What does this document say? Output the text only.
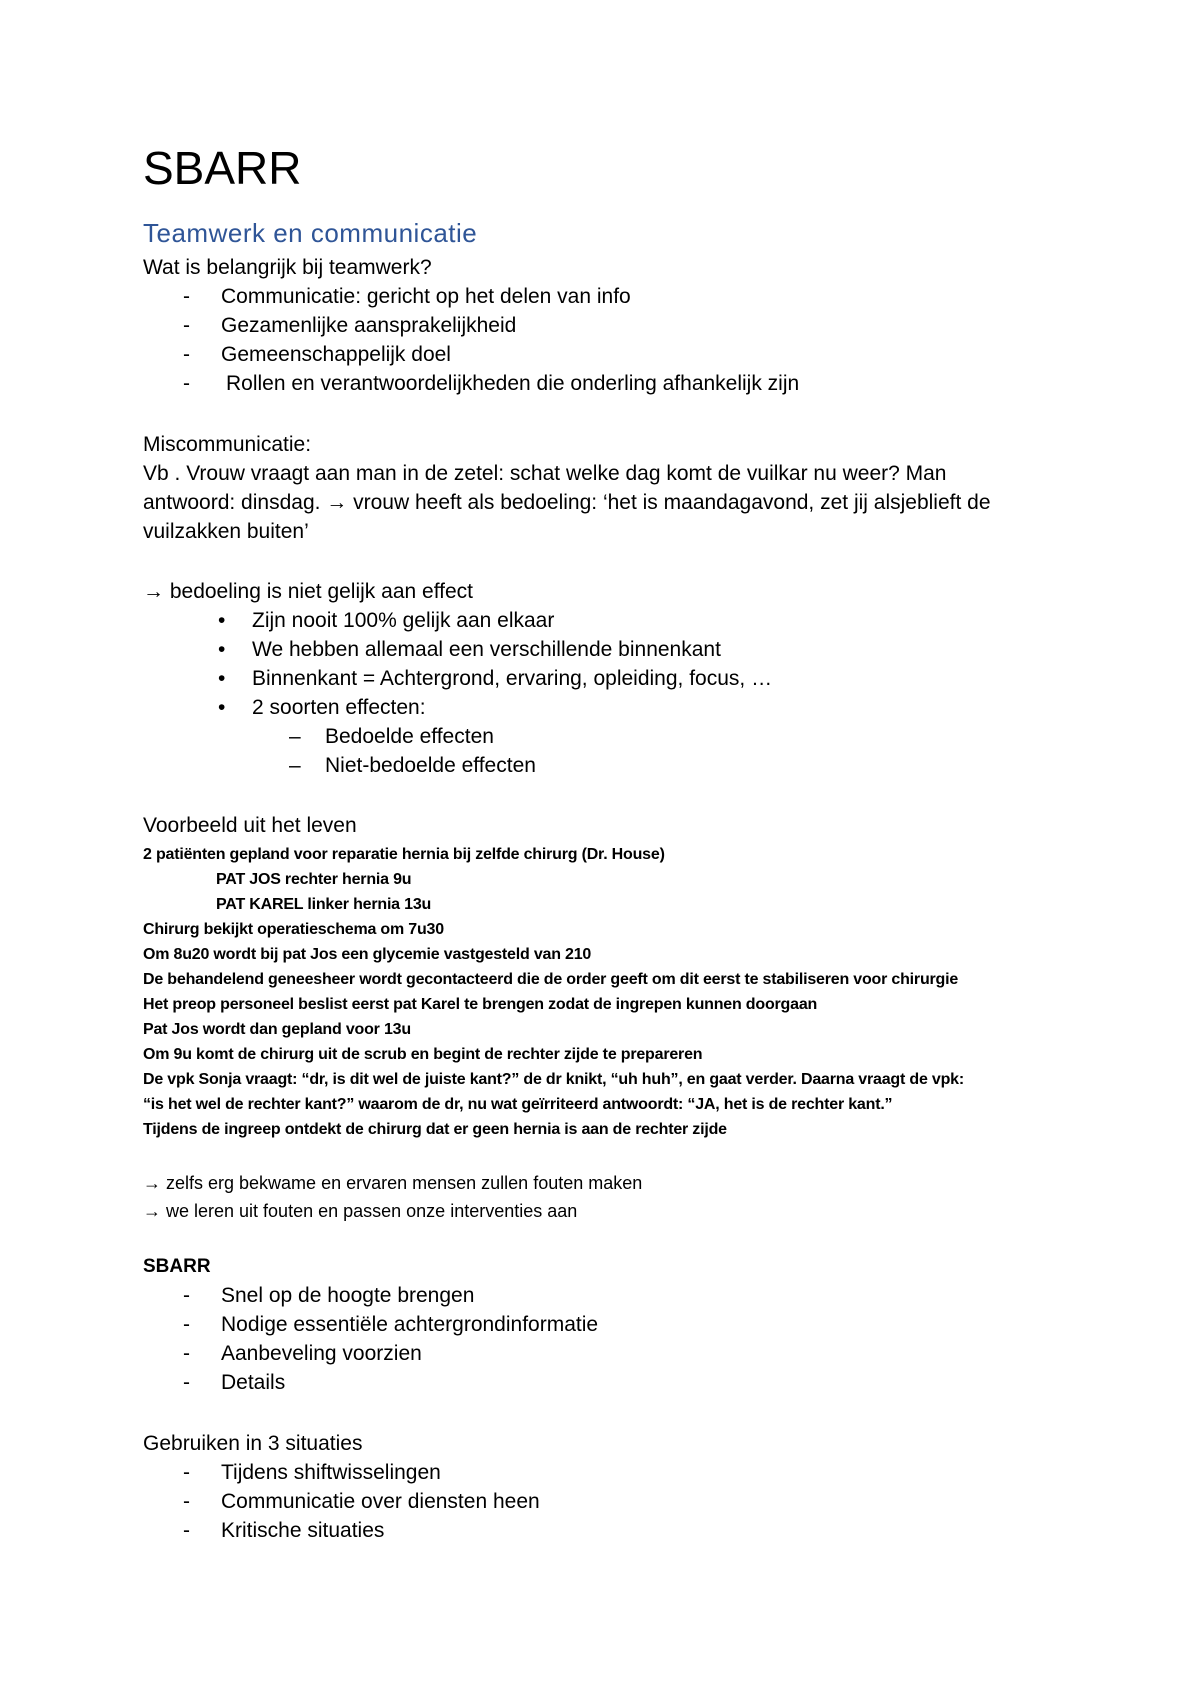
SBARR
Teamwerk en communicatie
Wat is belangrijk bij teamwerk?
- Communicatie: gericht op het delen van info
- Gezamenlijke aansprakelijkheid
- Gemeenschappelijk doel
- Rollen en verantwoordelijkheden die onderling afhankelijk zijn
Miscommunicatie:
Vb . Vrouw vraagt aan man in de zetel: schat welke dag komt de vuilkar nu weer? Man
antwoord: dinsdag. → vrouw heeft als bedoeling: ‘het is maandagavond, zet jij alsjeblieft de
vuilzakken buiten’
→ bedoeling is niet gelijk aan effect
• Zijn nooit 100% gelijk aan elkaar
• We hebben allemaal een verschillende binnenkant
• Binnenkant = Achtergrond, ervaring, opleiding, focus, …
• 2 soorten effecten:
– Bedoelde effecten
– Niet-bedoelde effecten
Voorbeeld uit het leven
2 patiënten gepland voor reparatie hernia bij zelfde chirurg (Dr. House)
PAT JOS rechter hernia 9u
PAT KAREL linker hernia 13u
Chirurg bekijkt operatieschema om 7u30
Om 8u20 wordt bij pat Jos een glycemie vastgesteld van 210
De behandelend geneesheer wordt gecontacteerd die de order geeft om dit eerst te stabiliseren voor chirurgie
Het preop personeel beslist eerst pat Karel te brengen zodat de ingrepen kunnen doorgaan
Pat Jos wordt dan gepland voor 13u
Om 9u komt de chirurg uit de scrub en begint de rechter zijde te prepareren
De vpk Sonja vraagt: “dr, is dit wel de juiste kant?” de dr knikt, “uh huh”, en gaat verder. Daarna vraagt de vpk:
“is het wel de rechter kant?” waarom de dr, nu wat geïrriteerd antwoordt: “JA, het is de rechter kant.”
Tijdens de ingreep ontdekt de chirurg dat er geen hernia is aan de rechter zijde
→ zelfs erg bekwame en ervaren mensen zullen fouten maken
→ we leren uit fouten en passen onze interventies aan
SBARR
- Snel op de hoogte brengen
- Nodige essentiële achtergrondinformatie
- Aanbeveling voorzien
- Details
Gebruiken in 3 situaties
- Tijdens shiftwisselingen
- Communicatie over diensten heen
- Kritische situaties
